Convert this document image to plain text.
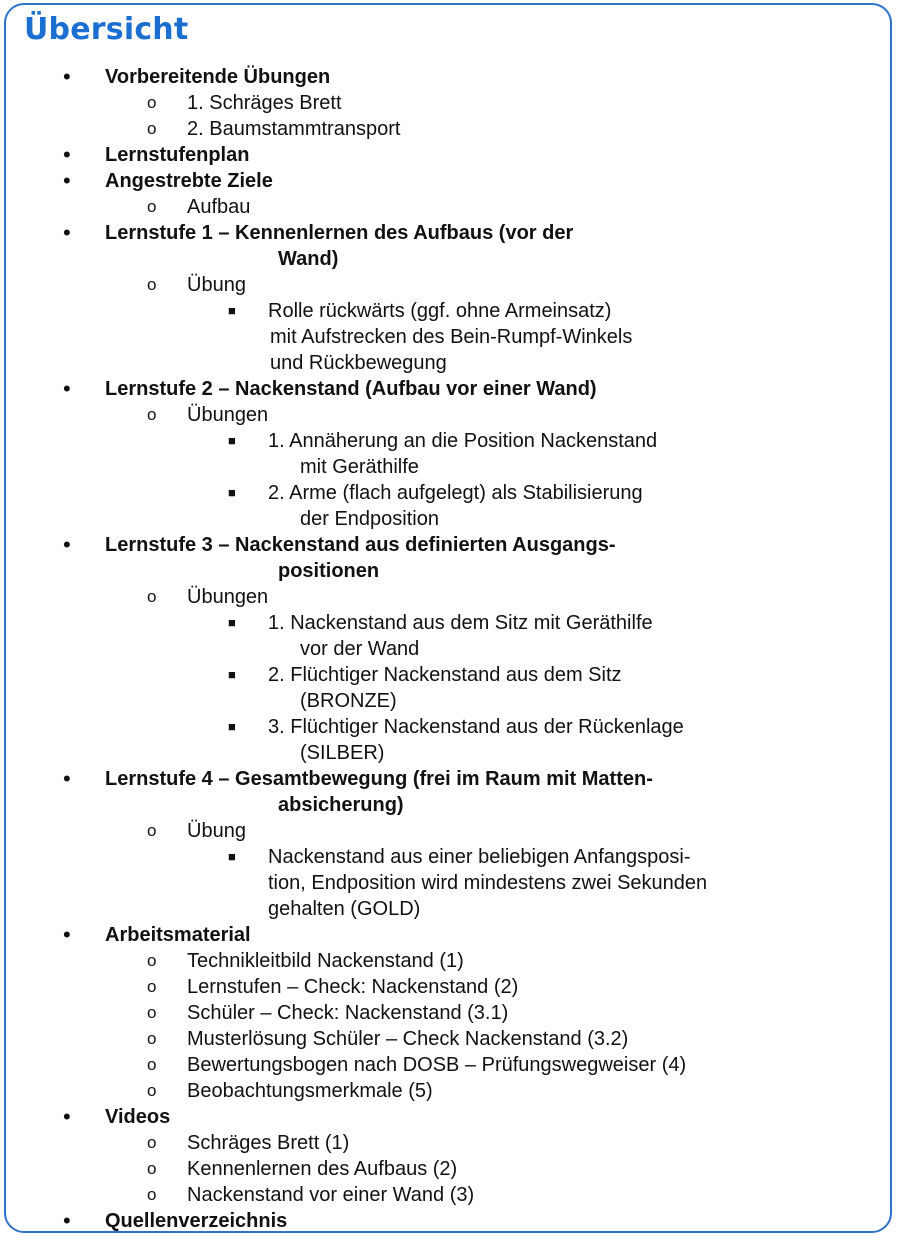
Übersicht
• Vorbereitende Übungen
o 1. Schräges Brett
o 2. Baumstammtransport
• Lernstufenplan
• Angestrebte Ziele
o Aufbau
• Lernstufe 1 – Kennenlernen des Aufbaus (vor der
Wand)
o Übung
■ Rolle rückwärts (ggf. ohne Armeinsatz)
mit Aufstrecken des Bein-Rumpf-Winkels
und Rückbewegung
• Lernstufe 2 – Nackenstand (Aufbau vor einer Wand)
o Übungen
■ 1. Annäherung an die Position Nackenstand
mit Geräthilfe
■ 2. Arme (flach aufgelegt) als Stabilisierung
der Endposition
• Lernstufe 3 – Nackenstand aus definierten Ausgangs-
positionen
o Übungen
■ 1. Nackenstand aus dem Sitz mit Geräthilfe
vor der Wand
■ 2. Flüchtiger Nackenstand aus dem Sitz
(BRONZE)
■ 3. Flüchtiger Nackenstand aus der Rückenlage
(SILBER)
• Lernstufe 4 – Gesamtbewegung (frei im Raum mit Matten-
absicherung)
o Übung
■ Nackenstand aus einer beliebigen Anfangsposi-
tion, Endposition wird mindestens zwei Sekunden
gehalten (GOLD)
• Arbeitsmaterial
o Technikleitbild Nackenstand (1)
o Lernstufen – Check: Nackenstand (2)
o Schüler – Check: Nackenstand (3.1)
o Musterlösung Schüler – Check Nackenstand (3.2)
o Bewertungsbogen nach DOSB – Prüfungswegweiser (4)
o Beobachtungsmerkmale (5)
• Videos
o Schräges Brett (1)
o Kennenlernen des Aufbaus (2)
o Nackenstand vor einer Wand (3)
• Quellenverzeichnis
